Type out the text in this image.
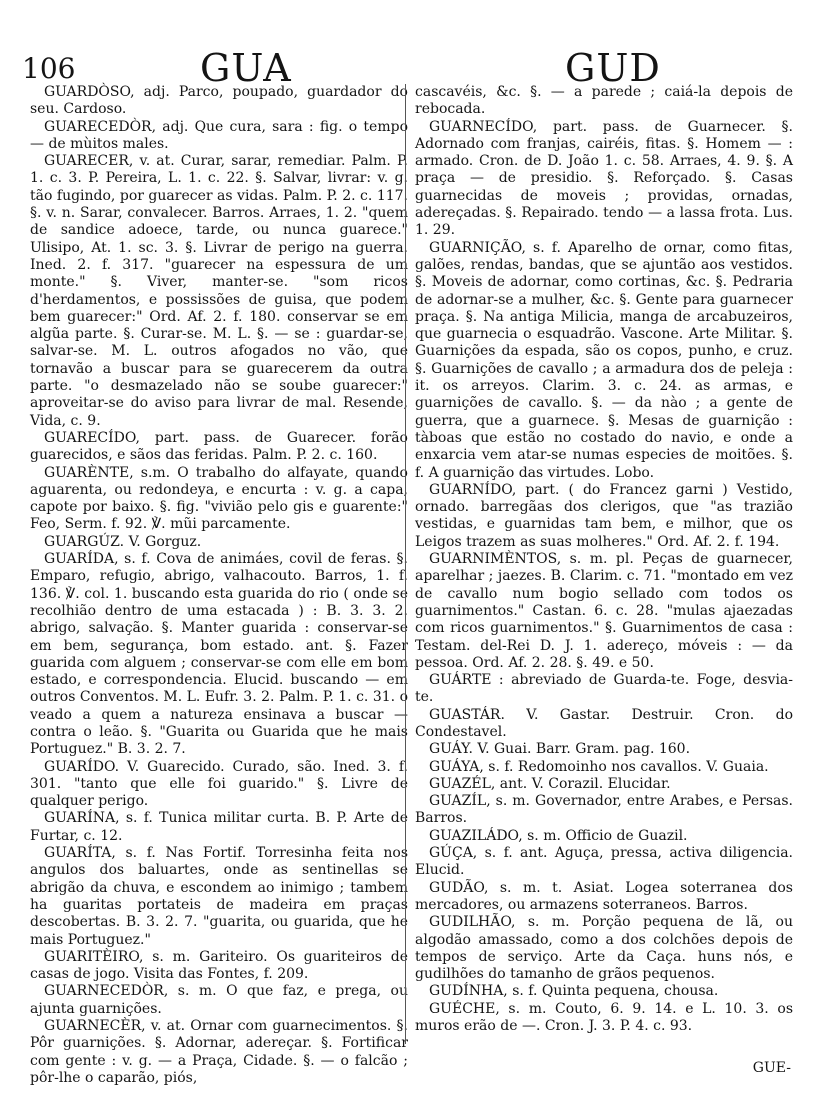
106	GUA	GUD

GUARDÒSO, adj. Parco, poupado, guardador do seu. Cardoso.

GUARECEDÒR, adj. Que cura, sara : fig. o tempo — de mùitos males.

GUARECER, v. at. Curar, sarar, remediar. Palm. P. 1. c. 3. P. Pereira, L. 1. c. 22. §. Salvar, livrar: v. g. tão fugindo, por guarecer as vidas. Palm. P. 2. c. 117. §. v. n. Sarar, convalecer. Barros. Arraes, 1. 2. "quem de sandice adoece, tarde, ou nunca guarece." Ulisipo, At. 1. sc. 3. §. Livrar de perigo na guerra. Ined. 2. f. 317. "guarecer na espessura de um monte." §. Viver, manter-se. "som ricos d'herdamentos, e possissões de guisa, que podem bem guarecer:" Ord. Af. 2. f. 180. conservar se em algũa parte. §. Curar-se. M. L. §. — se : guardar-se, salvar-se. M. L. outros afogados no vão, que tornavão a buscar para se guarecerem da outra parte. "o desmazelado não se soube guarecer:" aproveitar-se do aviso para livrar de mal. Resende, Vida, c. 9.

GUARECÍDO, part. pass. de Guarecer. forão guarecidos, e sãos das feridas. Palm. P. 2. c. 160.

GUARÈNTE, s.m. O trabalho do alfayate, quando aguarenta, ou redondeya, e encurta : v. g. a capa, capote por baixo. §. fig. "vivião pelo gis e guarente:" Feo, Serm. f. 92. ℣. mũi parcamente.

GUARGÚZ. V. Gorguz.

GUARÍDA, s. f. Cova de animáes, covil de feras. §. Emparo, refugio, abrigo, valhacouto. Barros, 1. f. 136. ℣. col. 1. buscando esta guarida do rio ( onde se recolhião dentro de uma estacada ) : B. 3. 3. 2. abrigo, salvação. §. Manter guarida : conservar-se em bem, segurança, bom estado. ant. §. Fazer guarida com alguem ; conservar-se com elle em bom estado, e correspondencia. Elucid. buscando — em outros Conventos. M. L. Eufr. 3. 2. Palm. P. 1. c. 31. o veado a quem a natureza ensinava a buscar — contra o leão. §. "Guarita ou Guarida que he mais Portuguez." B. 3. 2. 7.

GUARÍDO. V. Guarecido. Curado, são. Ined. 3. f. 301. "tanto que elle foi guarido." §. Livre de qualquer perigo.

GUARÍNA, s. f. Tunica militar curta. B. P. Arte de Furtar, c. 12.

GUARÍTA, s. f. Nas Fortif. Torresinha feita nos angulos dos baluartes, onde as sentinellas se abrigão da chuva, e escondem ao inimigo ; tambem ha guaritas portateis de madeira em praças descobertas. B. 3. 2. 7. "guarita, ou guarida, que he mais Portuguez."

GUARITÈIRO, s. m. Gariteiro. Os guariteiros de casas de jogo. Visita das Fontes, f. 209.

GUARNECEDÒR, s. m. O que faz, e prega, ou ajunta guarnições.

GUARNECÈR, v. at. Ornar com guarnecimentos. §. Pôr guarnições. §. Adornar, adereçar. §. Fortificar com gente : v. g. — a Praça, Cidade. §. — o falcão ; pôr-lhe o caparão, piós,

cascavéis, &c. §. — a parede ; caiá-la depois de rebocada.

GUARNECÍDO, part. pass. de Guarnecer. §. Adornado com franjas, cairéis, fitas. §. Homem — : armado. Cron. de D. João 1. c. 58. Arraes, 4. 9. §. A praça — de presidio. §. Reforçado. §. Casas guarnecidas de moveis ; providas, ornadas, adereçadas. §. Repairado. tendo — a lassa frota. Lus. 1. 29.

GUARNIÇÃO, s. f. Aparelho de ornar, como fitas, galões, rendas, bandas, que se ajuntão aos vestidos. §. Moveis de adornar, como cortinas, &c. §. Pedraria de adornar-se a mulher, &c. §. Gente para guarnecer praça. §. Na antiga Milicia, manga de arcabuzeiros, que guarnecia o esquadrão. Vascone. Arte Militar. §. Guarnições da espada, são os copos, punho, e cruz. §. Guarnições de cavallo ; a armadura dos de peleja : it. os arreyos. Clarim. 3. c. 24. as armas, e guarnições de cavallo. §. — da nào ; a gente de guerra, que a guarnece. §. Mesas de guarnição : tàboas que estão no costado do navio, e onde a enxarcia vem atar-se numas especies de moitões. §. f. A guarnição das virtudes. Lobo.

GUARNÍDO, part. ( do Francez garni ) Vestido, ornado. barregãas dos clerigos, que "as trazião vestidas, e guarnidas tam bem, e milhor, que os Leigos trazem as suas molheres." Ord. Af. 2. f. 194.

GUARNIMÈNTOS, s. m. pl. Peças de guarnecer, aparelhar ; jaezes. B. Clarim. c. 71. "montado em vez de cavallo num bogio sellado com todos os guarnimentos." Castan. 6. c. 28. "mulas ajaezadas com ricos guarnimentos." §. Guarnimentos de casa : Testam. del-Rei D. J. 1. adereço, móveis : — da pessoa. Ord. Af. 2. 28. §. 49. e 50.

GUÁRTE : abreviado de Guarda-te. Foge, desvia-te.

GUASTÁR. V. Gastar. Destruir. Cron. do Condestavel.

GUÁY. V. Guai. Barr. Gram. pag. 160.

GUÁYA, s. f. Redomoinho nos cavallos. V. Guaia.

GUAZÉL, ant. V. Corazil. Elucidar.

GUAZÍL, s. m. Governador, entre Arabes, e Persas. Barros.

GUAZILÁDO, s. m. Officio de Guazil.

GÚÇA, s. f. ant. Aguça, pressa, activa diligencia. Elucid.

GUDÃO, s. m. t. Asiat. Logea soterranea dos mercadores, ou armazens soterraneos. Barros.

GUDILHÃO, s. m. Porção pequena de lã, ou algodão amassado, como a dos colchões depois de tempos de serviço. Arte da Caça. huns nós, e gudilhões do tamanho de grãos pequenos.

GUDÍNHA, s. f. Quinta pequena, chousa.

GUÉCHE, s. m. Couto, 6. 9. 14. e L. 10. 3. os muros erão de —. Cron. J. 3. P. 4. c. 93.

GUE-
